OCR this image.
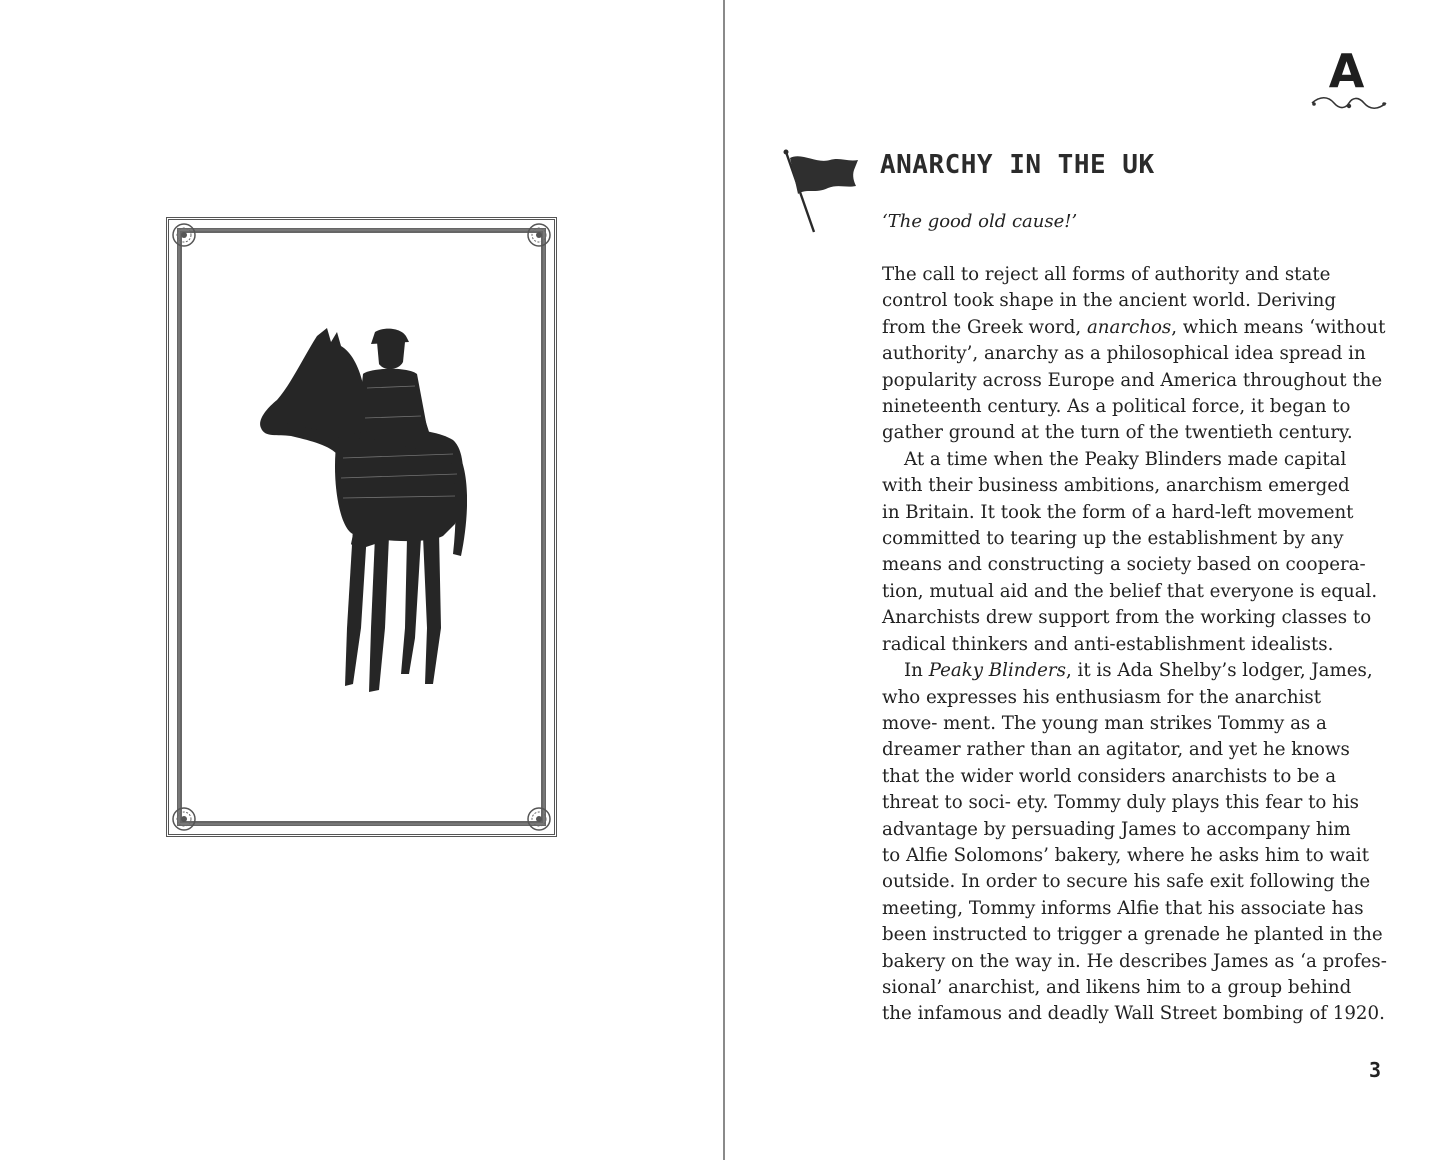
A
ANARCHY IN THE UK
‘The good old cause!’
The call to reject all forms of authority and state
control took shape in the ancient world. Deriving
from the Greek word, anarchos, which means ‘without
authority’, anarchy as a philosophical idea spread in
popularity across Europe and America throughout the
nineteenth century. As a political force, it began to
gather ground at the turn of the twentieth century.
At a time when the Peaky Blinders made capital
with their business ambitions, anarchism emerged
in Britain. It took the form of a hard-left movement
committed to tearing up the establishment by any
means and constructing a society based on coopera-
tion, mutual aid and the belief that everyone is equal.
Anarchists drew support from the working classes to
radical thinkers and anti-establishment idealists.
In Peaky Blinders, it is Ada Shelby’s lodger, James,
who expresses his enthusiasm for the anarchist
move- ment. The young man strikes Tommy as a
dreamer rather than an agitator, and yet he knows
that the wider world considers anarchists to be a
threat to soci- ety. Tommy duly plays this fear to his
advantage by persuading James to accompany him
to Alfie Solomons’ bakery, where he asks him to wait
outside. In order to secure his safe exit following the
meeting, Tommy informs Alfie that his associate has
been instructed to trigger a grenade he planted in the
bakery on the way in. He describes James as ‘a profes-
sional’ anarchist, and likens him to a group behind
the infamous and deadly Wall Street bombing of 1920.
3
